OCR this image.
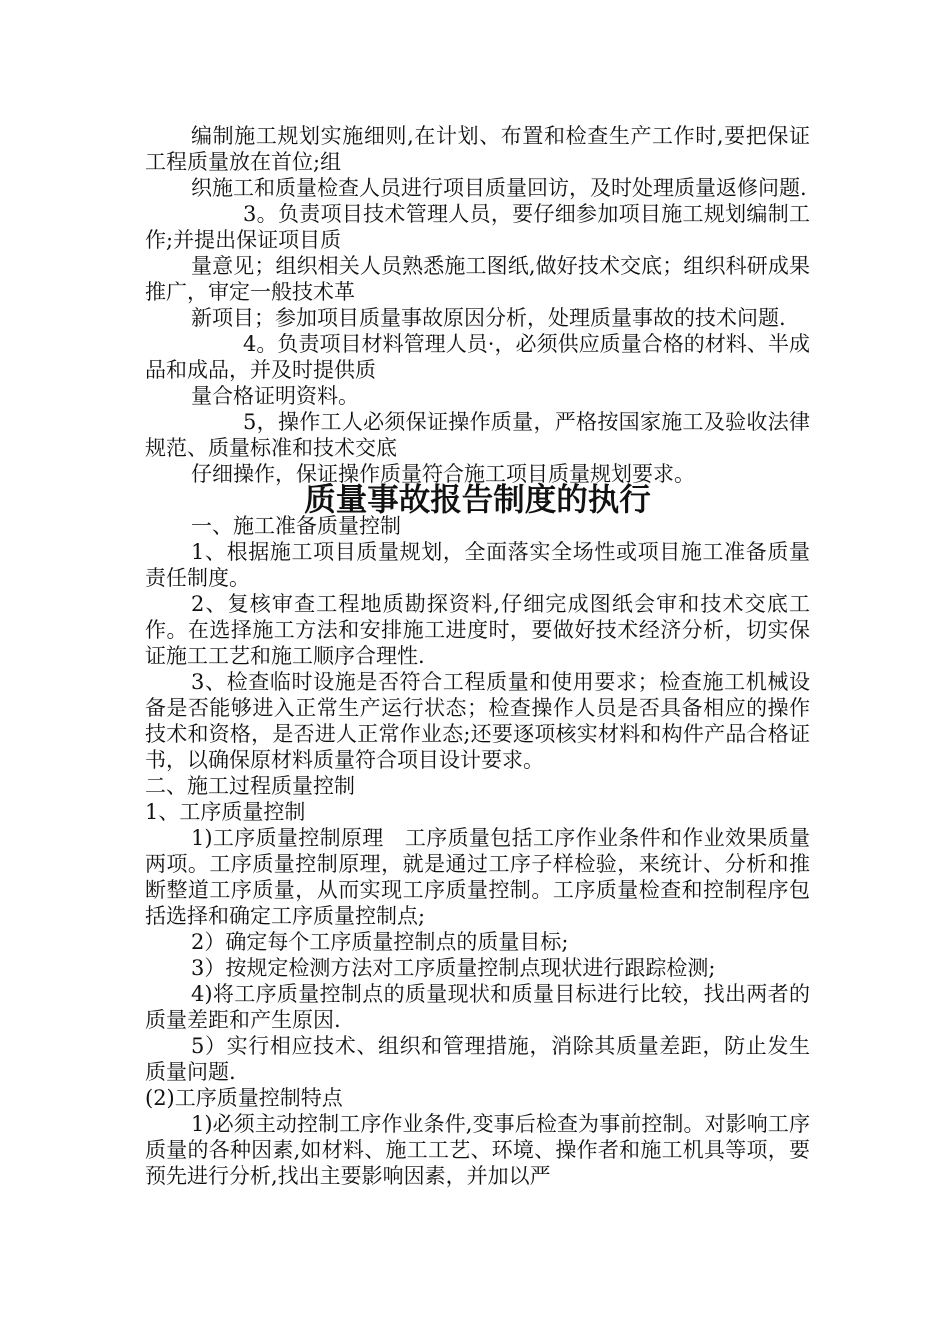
编制施工规划实施细则,在计划、布置和检查生产工作时,要把保证工程质量放在首位;组

织施工和质量检查人员进行项目质量回访，及时处理质量返修问题.

3。负责项目技术管理人员，要仔细参加项目施工规划编制工作;并提出保证项目质

量意见；组织相关人员熟悉施工图纸,做好技术交底；组织科研成果推广，审定一般技术革

新项目；参加项目质量事故原因分析，处理质量事故的技术问题.

4。负责项目材料管理人员·，必须供应质量合格的材料、半成品和成品，并及时提供质

量合格证明资料。

5，操作工人必须保证操作质量，严格按国家施工及验收法律规范、质量标准和技术交底

仔细操作，保证操作质量符合施工项目质量规划要求。

质量事故报告制度的执行

一、施工准备质量控制

1、根据施工项目质量规划，全面落实全场性或项目施工准备质量责任制度。

2、复核审查工程地质勘探资料,仔细完成图纸会审和技术交底工作。在选择施工方法和安排施工进度时，要做好技术经济分析，切实保证施工工艺和施工顺序合理性.

3、检查临时设施是否符合工程质量和使用要求；检查施工机械设备是否能够进入正常生产运行状态；检查操作人员是否具备相应的操作技术和资格，是否进人正常作业态;还要逐项核实材料和构件产品合格证书，以确保原材料质量符合项目设计要求。

二、施工过程质量控制

1、工序质量控制

1)工序质量控制原理　工序质量包括工序作业条件和作业效果质量两项。工序质量控制原理，就是通过工序子样检验，来统计、分析和推断整道工序质量，从而实现工序质量控制。工序质量检查和控制程序包括选择和确定工序质量控制点;

2）确定每个工序质量控制点的质量目标;

3）按规定检测方法对工序质量控制点现状进行跟踪检测;

4)将工序质量控制点的质量现状和质量目标进行比较，找出两者的质量差距和产生原因.

5）实行相应技术、组织和管理措施，消除其质量差距，防止发生质量问题.

(2)工序质量控制特点

1)必须主动控制工序作业条件,变事后检查为事前控制。对影响工序质量的各种因素,如材料、施工工艺、环境、操作者和施工机具等项，要预先进行分析,找出主要影响因素，并加以严
